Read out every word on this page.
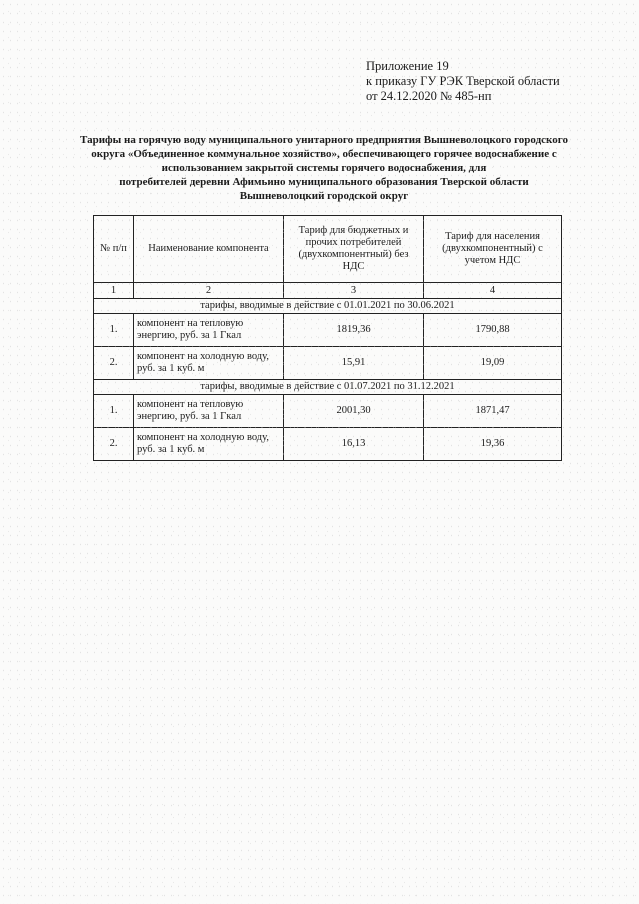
Приложение 19
к приказу ГУ РЭК Тверской области
от 24.12.2020 № 485-нп
Тарифы на горячую воду муниципального унитарного предприятия Вышневолоцкого городского
округа «Объединенное коммунальное хозяйство», обеспечивающего горячее водоснабжение с
использованием закрытой системы горячего водоснабжения, для
потребителей деревни Афимьино муниципального образования Тверской области
Вышневолоцкий городской округ
№ п/п	Наименование компонента	Тариф для бюджетных и прочих потребителей (двухкомпонентный) без НДС	Тариф для населения (двухкомпонентный) с учетом НДС
1	2	3	4
тарифы, вводимые в действие с 01.01.2021 по 30.06.2021			
1.	компонент на тепловую энергию, руб. за 1 Гкал	1819,36	1790,88
2.	компонент на холодную воду, руб. за 1 куб. м	15,91	19,09
тарифы, вводимые в действие с 01.07.2021 по 31.12.2021			
1.	компонент на тепловую энергию, руб. за 1 Гкал	2001,30	1871,47
2.	компонент на холодную воду, руб. за 1 куб. м	16,13	19,36
